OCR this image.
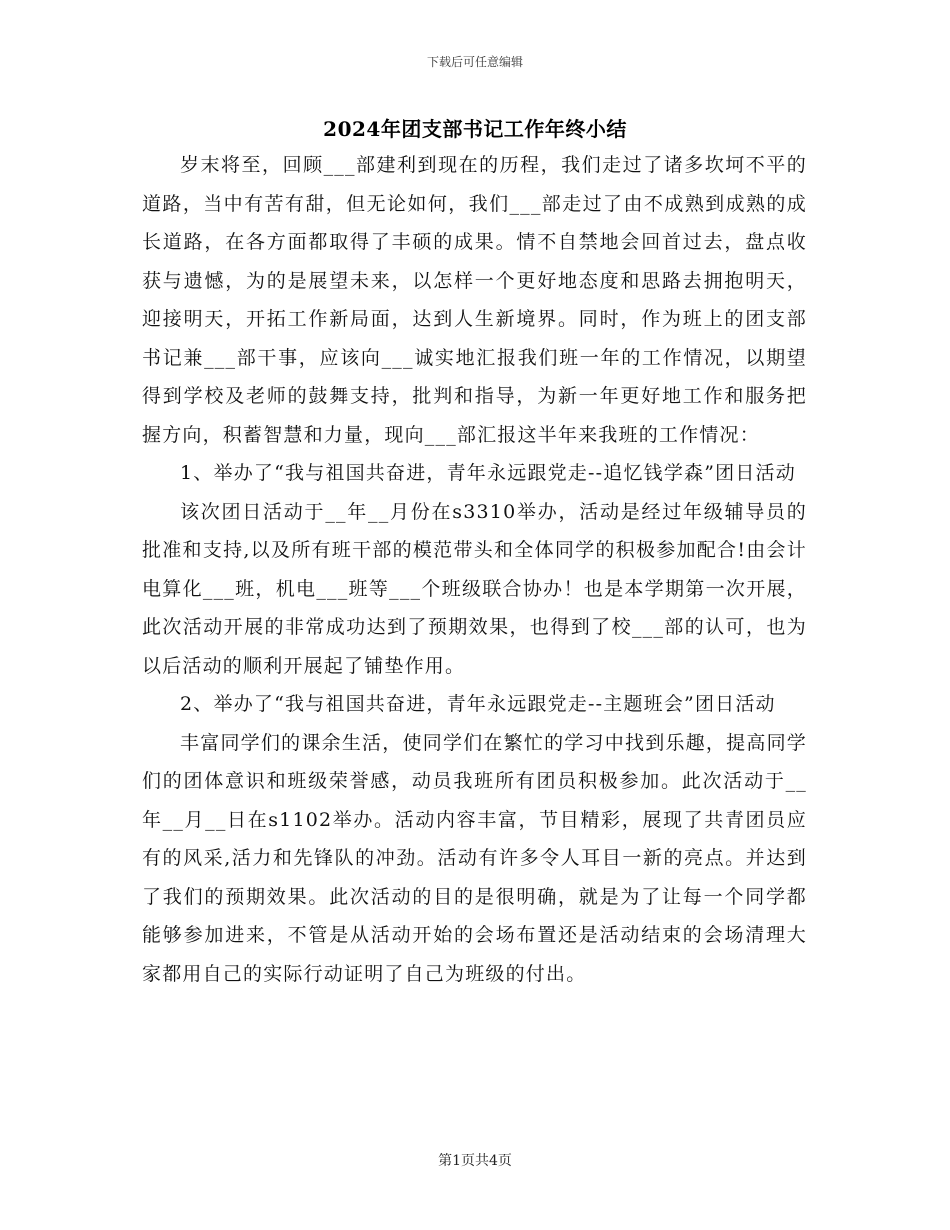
下载后可任意编辑
2024年团支部书记工作年终小结

岁末将至，回顾___部建利到现在的历程，我们走过了诸多坎坷不平的道路，当中有苦有甜，但无论如何，我们___部走过了由不成熟到成熟的成长道路，在各方面都取得了丰硕的成果。情不自禁地会回首过去，盘点收获与遗憾，为的是展望未来，以怎样一个更好地态度和思路去拥抱明天，迎接明天，开拓工作新局面，达到人生新境界。同时，作为班上的团支部书记兼___部干事，应该向___诚实地汇报我们班一年的工作情况，以期望得到学校及老师的鼓舞支持，批判和指导，为新一年更好地工作和服务把握方向，积蓄智慧和力量，现向___部汇报这半年来我班的工作情况：

1、举办了“我与祖国共奋进，青年永远跟党走--追忆钱学森”团日活动

该次团日活动于__年__月份在s3310举办，活动是经过年级辅导员的批准和支持,以及所有班干部的模范带头和全体同学的积极参加配合!由会计电算化___班，机电___班等___个班级联合协办！也是本学期第一次开展，此次活动开展的非常成功达到了预期效果，也得到了校___部的认可，也为以后活动的顺利开展起了铺垫作用。

2、举办了“我与祖国共奋进，青年永远跟党走--主题班会”团日活动

丰富同学们的课余生活，使同学们在繁忙的学习中找到乐趣，提高同学们的团体意识和班级荣誉感，动员我班所有团员积极参加。此次活动于__年__月__日在s1102举办。活动内容丰富，节目精彩，展现了共青团员应有的风采,活力和先锋队的冲劲。活动有许多令人耳目一新的亮点。并达到了我们的预期效果。此次活动的目的是很明确，就是为了让每一个同学都能够参加进来，不管是从活动开始的会场布置还是活动结束的会场清理大家都用自己的实际行动证明了自己为班级的付出。

第1页共4页
